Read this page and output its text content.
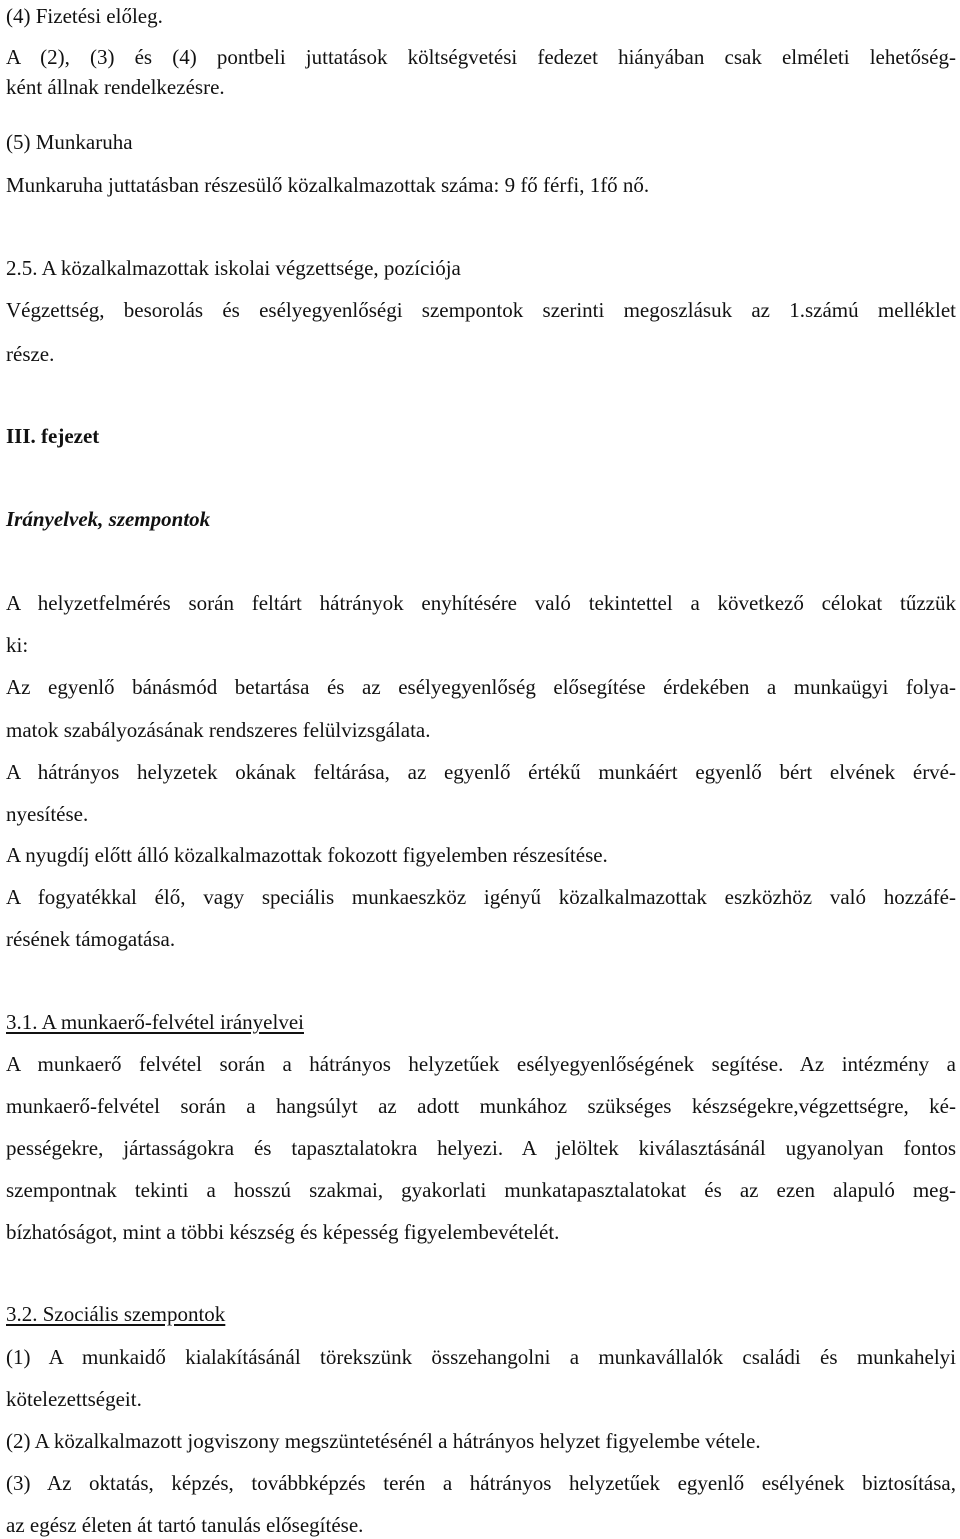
(4) Fizetési előleg.
A (2), (3) és (4) pontbeli juttatások költségvetési fedezet hiányában csak elméleti lehetőség-
ként állnak rendelkezésre.
(5) Munkaruha
Munkaruha juttatásban részesülő közalkalmazottak száma: 9 fő férfi, 1fő nő.
2.5. A közalkalmazottak iskolai végzettsége, pozíciója
Végzettség, besorolás és esélyegyenlőségi szempontok szerinti megoszlásuk az 1.számú melléklet
része.
III. fejezet
Irányelvek, szempontok
A helyzetfelmérés során feltárt hátrányok enyhítésére való tekintettel a következő célokat tűzzük
ki:
Az egyenlő bánásmód betartása és az esélyegyenlőség elősegítése érdekében a munkaügyi folya-
matok szabályozásának rendszeres felülvizsgálata.
A hátrányos helyzetek okának feltárása, az egyenlő értékű munkáért egyenlő bért elvének érvé-
nyesítése.
A nyugdíj előtt álló közalkalmazottak fokozott figyelemben részesítése.
A fogyatékkal élő, vagy speciális munkaeszköz igényű közalkalmazottak eszközhöz való hozzáfé-
résének támogatása.
3.1. A munkaerő-felvétel irányelvei
A munkaerő felvétel során a hátrányos helyzetűek esélyegyenlőségének segítése. Az intézmény a
munkaerő-felvétel során a hangsúlyt az adott munkához szükséges készségekre,végzettségre, ké-
pességekre, jártasságokra és tapasztalatokra helyezi. A jelöltek kiválasztásánál ugyanolyan fontos
szempontnak tekinti a hosszú szakmai, gyakorlati munkatapasztalatokat és az ezen alapuló meg-
bízhatóságot, mint a többi készség és képesség figyelembevételét.
3.2. Szociális szempontok
(1) A munkaidő kialakításánál törekszünk összehangolni a munkavállalók családi és munkahelyi
kötelezettségeit.
(2) A közalkalmazott jogviszony megszüntetésénél a hátrányos helyzet figyelembe vétele.
(3) Az oktatás, képzés, továbbképzés terén a hátrányos helyzetűek egyenlő esélyének biztosítása,
az egész életen át tartó tanulás elősegítése.
